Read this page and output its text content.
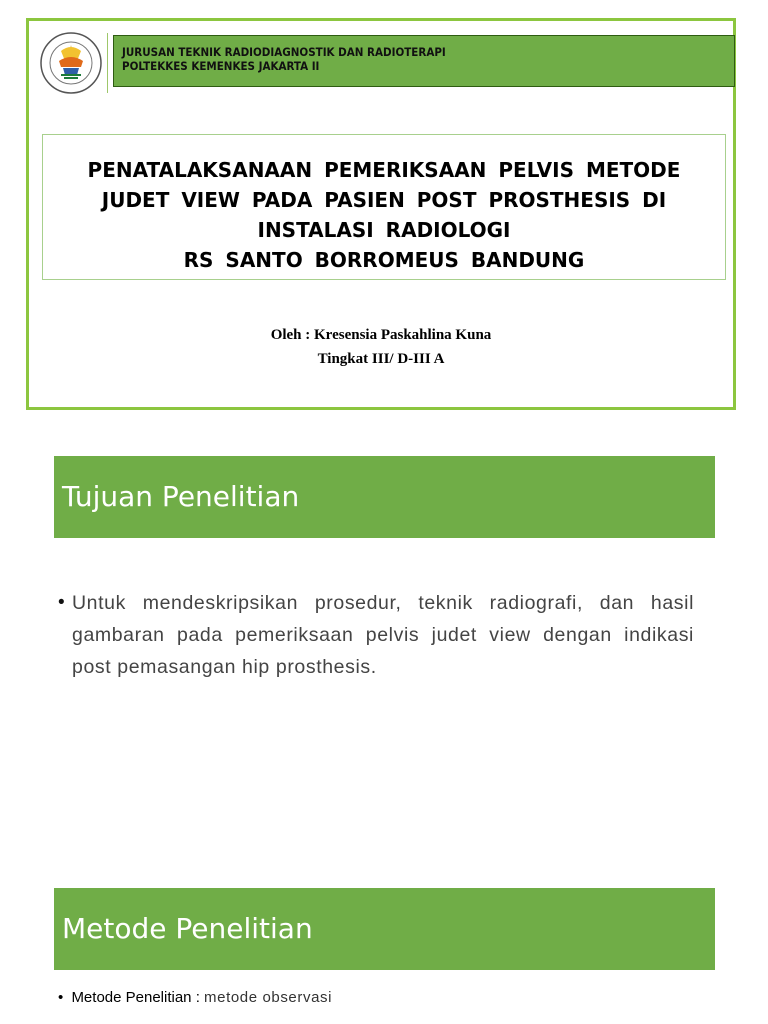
JURUSAN TEKNIK RADIODIAGNOSTIK DAN RADIOTERAPI
POLTEKKES KEMENKES JAKARTA II
PENATALAKSANAAN PEMERIKSAAN PELVIS METODE
JUDET VIEW PADA PASIEN POST PROSTHESIS DI
INSTALASI RADIOLOGI
RS SANTO BORROMEUS BANDUNG
Oleh : Kresensia Paskahlina Kuna
Tingkat III/ D-III A
Tujuan Penelitian
• Untuk mendeskripsikan prosedur, teknik radiografi, dan hasil gambaran pada pemeriksaan pelvis judet view dengan indikasi post pemasangan hip prosthesis.
Metode Penelitian
• Metode Penelitian : metode observasi
